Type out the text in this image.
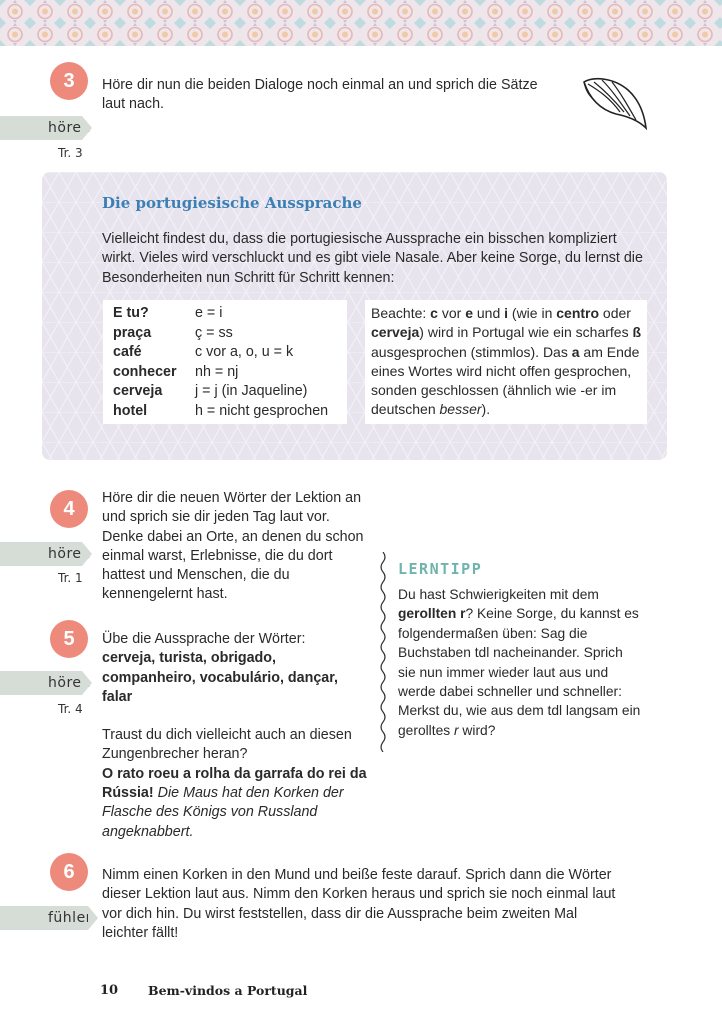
3	Höre dir nun die beiden Dialoge noch einmal an und sprich die Sätze laut nach.
hören
Tr. 3
Die portugiesische Aussprache
Vielleicht findest du, dass die portugiesische Aussprache ein bisschen kompliziert wirkt. Vieles wird verschluckt und es gibt viele Nasale. Aber keine Sorge, du lernst die Besonderheiten nun Schritt für Schritt kennen:
E tu?	e = i
praça	ç = ss
café	c vor a, o, u = k
conhecer	nh = nj
cerveja	j = j (in Jaqueline)
hotel	h = nicht gesprochen
Beachte: c vor e und i (wie in centro oder cerveja) wird in Portugal wie ein scharfes ß ausgesprochen (stimmlos). Das a am Ende eines Wortes wird nicht offen gesprochen, sonden geschlossen (ähnlich wie -er im deutschen besser).
4	Höre dir die neuen Wörter der Lektion an und sprich sie dir jeden Tag laut vor. Denke dabei an Orte, an denen du schon einmal warst, Erlebnisse, die du dort hattest und Menschen, die du kennengelernt hast.
hören
Tr. 1
5	Übe die Aussprache der Wörter:
cerveja, turista, obrigado, companheiro, vocabulário, dançar, falar
Traust du dich vielleicht auch an diesen Zungenbrecher heran?
O rato roeu a rolha da garrafa do rei da Rússia! Die Maus hat den Korken der Flasche des Königs von Russland angeknabbert.
hören
Tr. 4
LERNTIPP
Du hast Schwierigkeiten mit dem gerollten r? Keine Sorge, du kannst es folgendermaßen üben: Sag die Buchstaben tdl nacheinander. Sprich sie nun immer wieder laut aus und werde dabei schneller und schneller: Merkst du, wie aus dem tdl langsam ein gerolltes r wird?
6	Nimm einen Korken in den Mund und beiße feste darauf. Sprich dann die Wörter dieser Lektion laut aus. Nimm den Korken heraus und sprich sie noch einmal laut vor dich hin. Du wirst feststellen, dass dir die Aussprache beim zweiten Mal leichter fällt!
fühlen
10 Bem-vindos a Portugal
